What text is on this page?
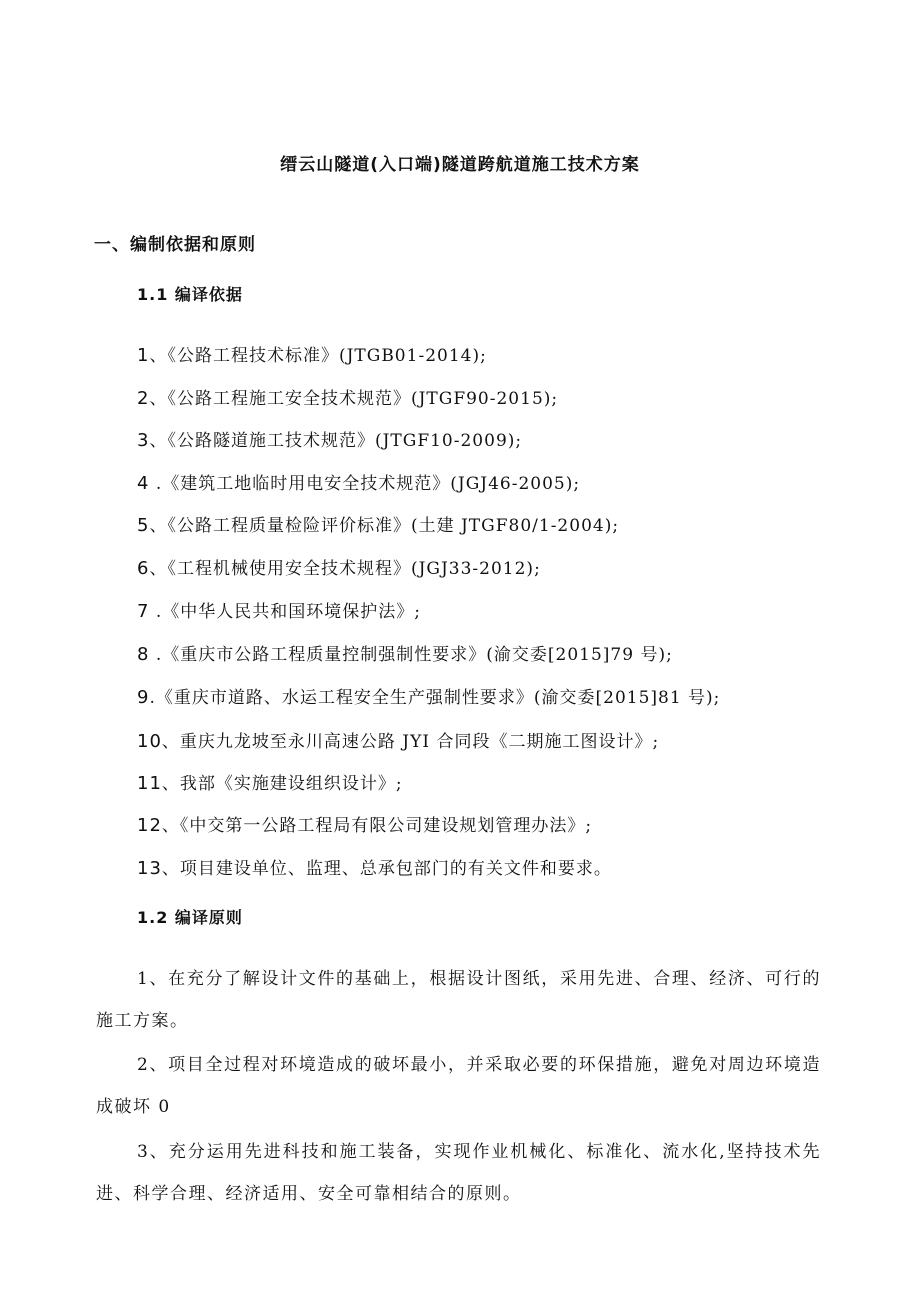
缙云山隧道(入口端)隧道跨航道施工技术方案
一、编制依据和原则
1.1 编译依据
1、《公路工程技术标准》(JTGB01-2014);
2、《公路工程施工安全技术规范》(JTGF90-2015);
3、《公路隧道施工技术规范》(JTGF10-2009);
4 .《建筑工地临时用电安全技术规范》(JGJ46-2005);
5、《公路工程质量检险评价标准》(土建 JTGF80/1-2004);
6、《工程机械使用安全技术规程》(JGJ33-2012);
7 .《中华人民共和国环境保护法》;
8 .《重庆市公路工程质量控制强制性要求》(渝交委[2015]79 号);
9.《重庆市道路、水运工程安全生产强制性要求》(渝交委[2015]81 号);
10、重庆九龙坡至永川高速公路 JYI 合同段《二期施工图设计》;
11、我部《实施建设组织设计》;
12、《中交第一公路工程局有限公司建设规划管理办法》;
13、项目建设单位、监理、总承包部门的有关文件和要求。
1.2 编译原则
1、在充分了解设计文件的基础上，根据设计图纸，采用先进、合理、经济、可行的施工方案。
2、项目全过程对环境造成的破坏最小，并采取必要的环保措施，避免对周边环境造成破坏 0
3、充分运用先进科技和施工装备，实现作业机械化、标准化、流水化,坚持技术先进、科学合理、经济适用、安全可靠相结合的原则。
